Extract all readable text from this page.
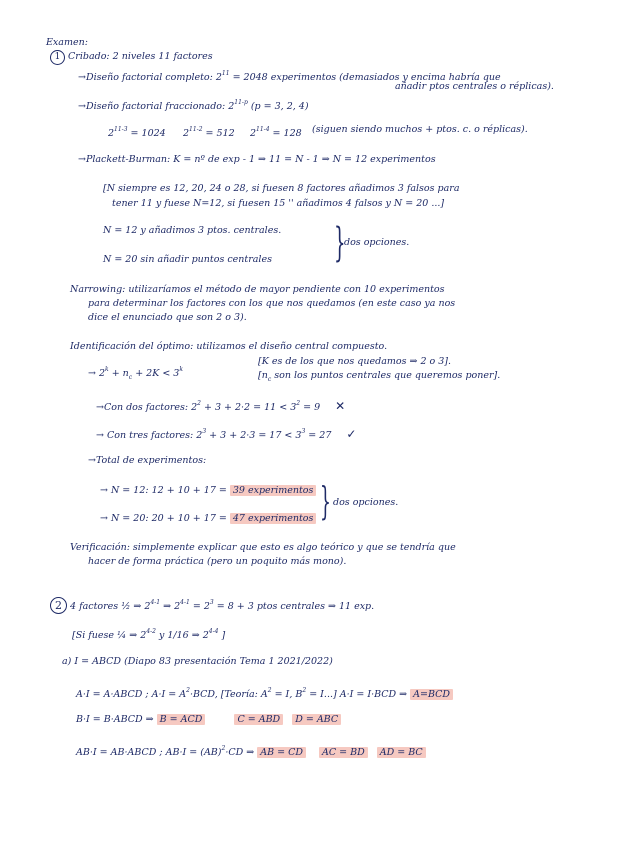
Examen:
1 Cribado: 2 niveles 11 factores
→Diseño factorial completo: $2^{11} = 2048$ experimentos (demasiados y encima habría que
añadir ptos centrales o réplicas).
→Diseño factorial fraccionado: 2$^{11-p}$ (p = 3, 2, 4)
$2^{11-3} = 1024$ $2^{11-2} = 512$ $2^{11-4} = 128$ (siguen siendo muchos + ptos. c. o réplicas).
→Plackett-Burman: K = nº de exp - 1 ⇒ 11 = N - 1 ⇒ N = 12 experimentos
[N siempre es 12, 20, 24 o 28, si fuesen 8 factores añadimos 3 falsos para
tener 11 y fuese N=12, si fuesen 15 '' añadimos 4 falsos y N = 20 ...]
N = 12 y añadimos 3 ptos. centrales.
N = 20 sin añadir puntos centrales }
dos opciones.
Narrowing: utilizaríamos el método de mayor pendiente con 10 experimentos
para determinar los factores con los que nos quedamos (en este caso ya nos
dice el enunciado que son 2 o 3).
Identificación del óptimo: utilizamos el diseño central compuesto.
→ $2^k + n_c + 2K < 3^k$
[K es de los que nos quedamos ⇒ 2 o 3].
[$n_c$ son los puntos centrales que queremos poner].
→Con dos factores: $2^2 + 3 + 2\cdot 2 = 11 < 3^2 = 9$ ✕
→ Con tres factores: $2^3 + 3 + 2\cdot 3 = 17 < 3^3 = 27$ ✓
→Total de experimentos:
→ N = 12: 12 + 10 + 17 = 39 experimentos
→ N = 20: 20 + 10 + 17 = 47 experimentos } dos opciones.
Verificación: simplemente explicar que esto es algo teórico y que se tendría que
hacer de forma práctica (pero un poquito más mono).
2 4 factores ½ ⇒ 2$^{4-1}$ ⇒ $2^{4-1} = 2^3 = 8 + 3$ ptos centrales ⇒ 11 exp.
[Si fuese ¼ ⇒ 2$^{4-2}$ y 1/16 ⇒ 2$^{4-4}$ ]
a) I = ABCD (Diapo 83 presentación Tema 1 2021/2022)
A·I = A·ABCD ; $A\cdot I = A^2\cdot BCD$, [Teoría: $A^2 = I$, $B^2 = I$...] A·I = I·BCD ⇒ A=BCD
B·I = B·ABCD ⇒ B = ACD	C = ABD D = ABC
AB·I = AB·ABCD ; AB·I = (AB)$^2$·CD ⇒ AB = CD AC = BD AD = BC
